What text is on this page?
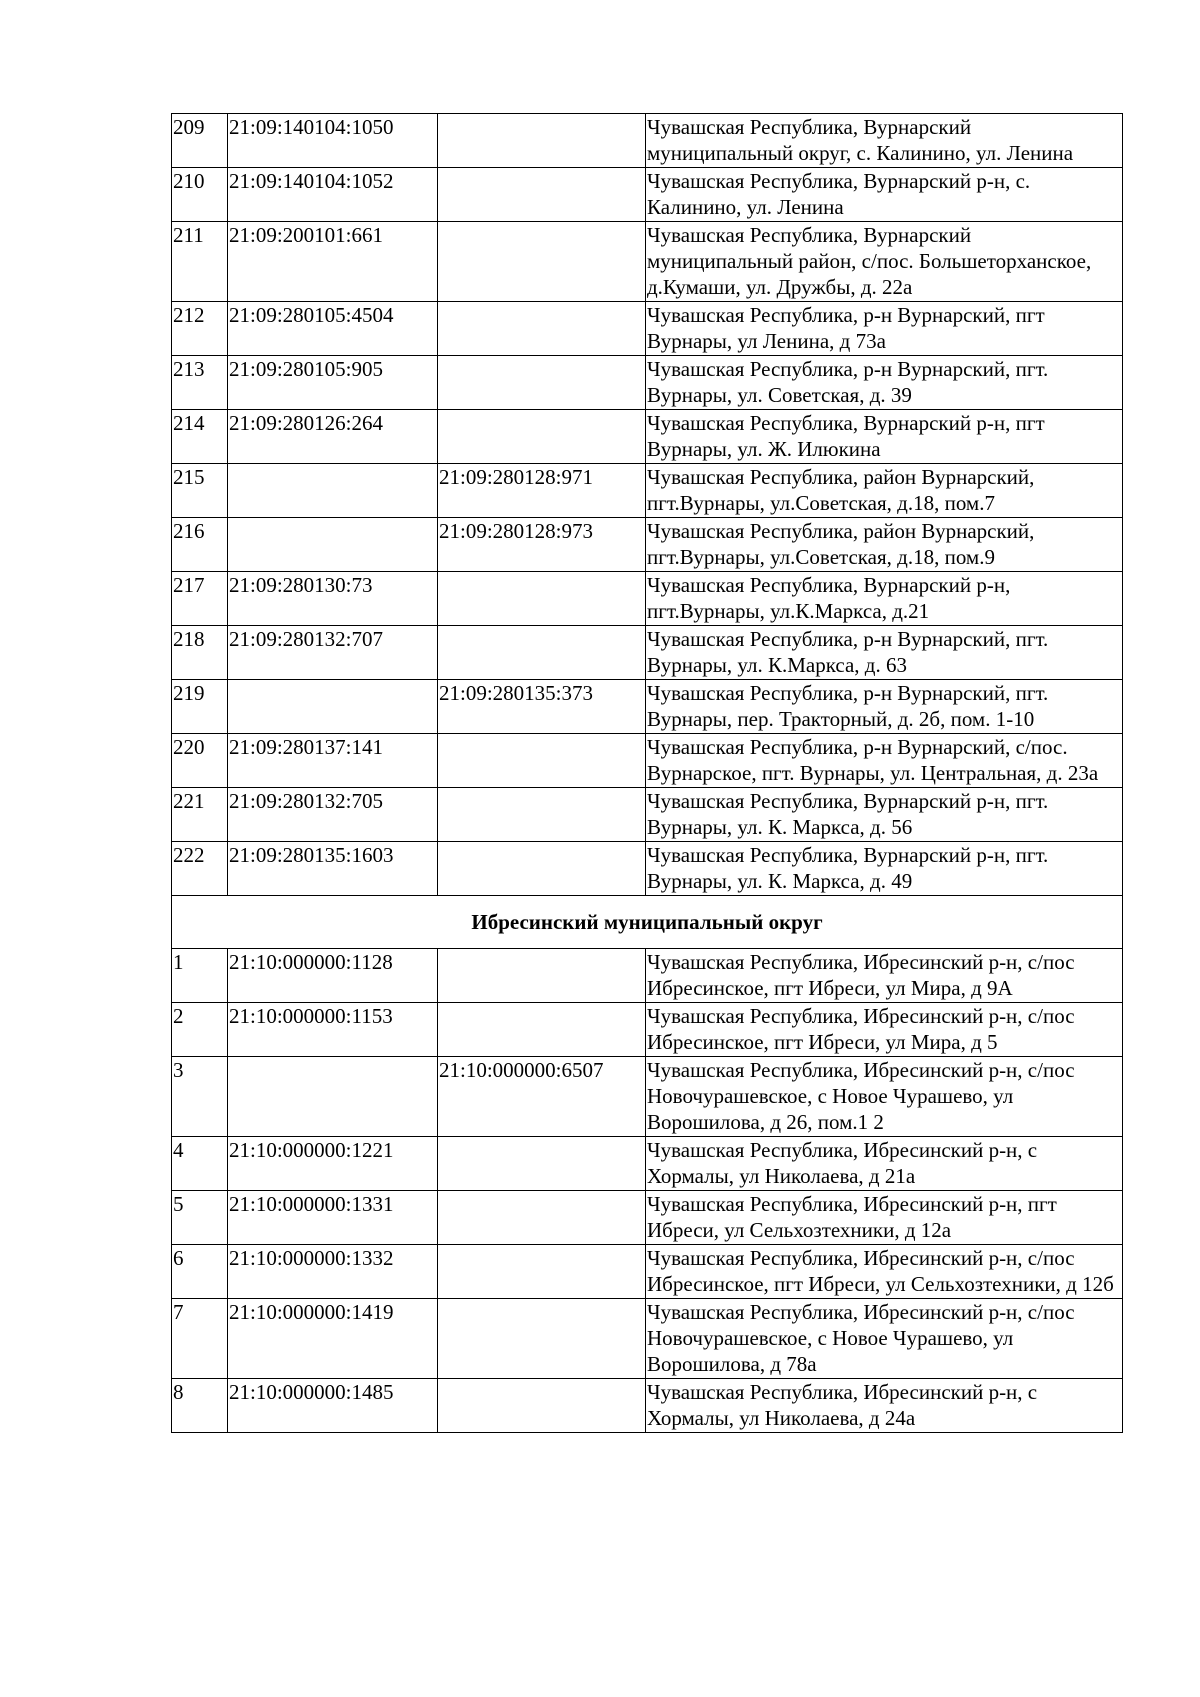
209	21:09:140104:1050		Чувашская Республика, Вурнарский муниципальный округ, с. Калинино, ул. Ленина
210	21:09:140104:1052		Чувашская Республика, Вурнарский р-н, с. Калинино, ул. Ленина
211	21:09:200101:661		Чувашская Республика, Вурнарский муниципальный район, с/пос. Большеторханское, д.Кумаши, ул. Дружбы, д. 22а
212	21:09:280105:4504		Чувашская Республика, р-н Вурнарский, пгт Вурнары, ул Ленина, д 73а
213	21:09:280105:905		Чувашская Республика, р-н Вурнарский, пгт. Вурнары, ул. Советская, д. 39
214	21:09:280126:264		Чувашская Республика, Вурнарский р-н, пгт Вурнары, ул. Ж. Илюкина
215		21:09:280128:971	Чувашская Республика, район Вурнарский, пгт.Вурнары, ул.Советская, д.18, пом.7
216		21:09:280128:973	Чувашская Республика, район Вурнарский, пгт.Вурнары, ул.Советская, д.18, пом.9
217	21:09:280130:73		Чувашская Республика, Вурнарский р-н, пгт.Вурнары, ул.К.Маркса, д.21
218	21:09:280132:707		Чувашская Республика, р-н Вурнарский, пгт. Вурнары, ул. К.Маркса, д. 63
219		21:09:280135:373	Чувашская Республика, р-н Вурнарский, пгт. Вурнары, пер. Тракторный, д. 2б, пом. 1-10
220	21:09:280137:141		Чувашская Республика, р-н Вурнарский, с/пос. Вурнарское, пгт. Вурнары, ул. Центральная, д. 23а
221	21:09:280132:705		Чувашская Республика, Вурнарский р-н, пгт. Вурнары, ул. К. Маркса, д. 56
222	21:09:280135:1603		Чувашская Республика, Вурнарский р-н, пгт. Вурнары, ул. К. Маркса, д. 49
Ибресинский муниципальный округ			
1	21:10:000000:1128		Чувашская Республика, Ибресинский р-н, с/пос Ибресинское, пгт Ибреси, ул Мира, д 9А
2	21:10:000000:1153		Чувашская Республика, Ибресинский р-н, с/пос Ибресинское, пгт Ибреси, ул Мира, д 5
3		21:10:000000:6507	Чувашская Республика, Ибресинский р-н, с/пос Новочурашевское, с Новое Чурашево, ул Ворошилова, д 26, пом.1 2
4	21:10:000000:1221		Чувашская Республика, Ибресинский р-н, с Хормалы, ул Николаева, д 21а
5	21:10:000000:1331		Чувашская Республика, Ибресинский р-н, пгт Ибреси, ул Сельхозтехники, д 12а
6	21:10:000000:1332		Чувашская Республика, Ибресинский р-н, с/пос Ибресинское, пгт Ибреси, ул Сельхозтехники, д 12б
7	21:10:000000:1419		Чувашская Республика, Ибресинский р-н, с/пос Новочурашевское, с Новое Чурашево, ул Ворошилова, д 78а
8	21:10:000000:1485		Чувашская Республика, Ибресинский р-н, с Хормалы, ул Николаева, д 24а
